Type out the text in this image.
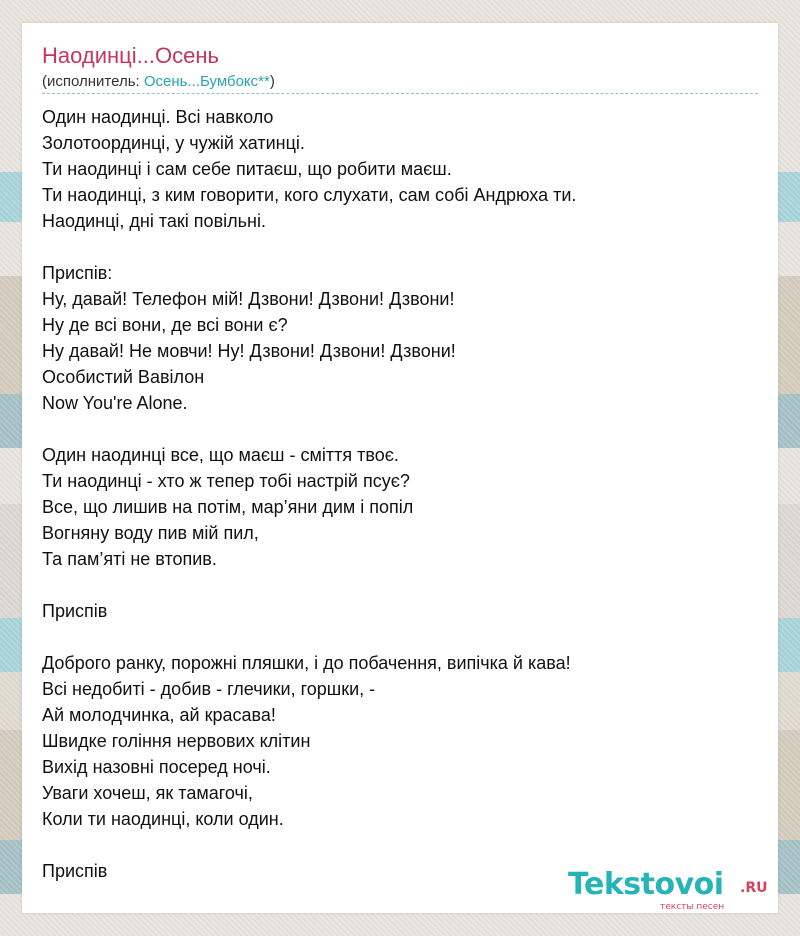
Наодинці...Осень
(исполнитель: Осень...Бумбокс**)
Один наодинці. Всі навколо
Золотоординці, у чужій хатинці.
Ти наодинці і сам себе питаєш, що робити маєш.
Ти наодинці, з ким говорити, кого слухати, сам собі Андрюха ти.
Наодинці, дні такі повільні.
Приспів:
Ну, давай! Телефон мій! Дзвони! Дзвони! Дзвони!
Ну де всі вони, де всі вони є?
Ну давай! Не мовчи! Ну! Дзвони! Дзвони! Дзвони!
Особистий Вавілон
Now You're Alone.
Один наодинці все, що маєш - сміття твоє.
Ти наодинці - хто ж тепер тобі настрій псує?
Все, що лишив на потім, мар’яни дим і попіл
Вогняну воду пив мій пил,
Та пам’яті не втопив.
Приспів
Доброго ранку, порожні пляшки, і до побачення, випічка й кава!
Всі недобиті - добив - глечики, горшки, -
Ай молодчинка, ай красава!
Швидке гоління нервових клітин
Вихід назовні посеред ночі.
Уваги хочеш, як тамагочі,
Коли ти наодинці, коли один.
Приспів	Tekstovoi .RU
тексты песен
